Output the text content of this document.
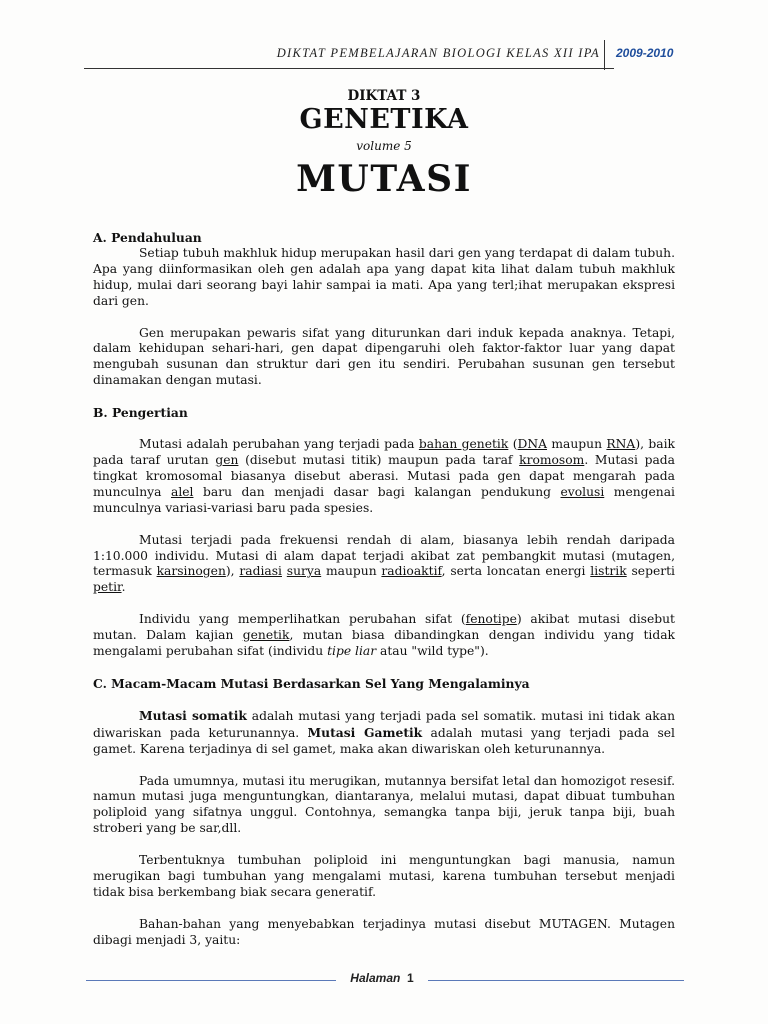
DIKTAT PEMBELAJARAN BIOLOGI KELAS XII IPA 2009-2010
DIKTAT 3
GENETIKA
volume 5
MUTASI
A. Pendahuluan

Setiap tubuh makhluk hidup merupakan hasil dari gen yang terdapat di dalam tubuh. Apa yang diinformasikan oleh gen adalah apa yang dapat kita lihat dalam tubuh makhluk hidup, mulai dari seorang bayi lahir sampai ia mati. Apa yang terl;ihat merupakan ekspresi dari gen.

Gen merupakan pewaris sifat yang diturunkan dari induk kepada anaknya. Tetapi, dalam kehidupan sehari-hari, gen dapat dipengaruhi oleh faktor-faktor luar yang dapat mengubah susunan dan struktur dari gen itu sendiri. Perubahan susunan gen tersebut dinamakan dengan mutasi.

B. Pengertian

Mutasi adalah perubahan yang terjadi pada bahan genetik (DNA maupun RNA), baik pada taraf urutan gen (disebut mutasi titik) maupun pada taraf kromosom. Mutasi pada tingkat kromosomal biasanya disebut aberasi. Mutasi pada gen dapat mengarah pada munculnya alel baru dan menjadi dasar bagi kalangan pendukung evolusi mengenai munculnya variasi-variasi baru pada spesies.

Mutasi terjadi pada frekuensi rendah di alam, biasanya lebih rendah daripada 1:10.000 individu. Mutasi di alam dapat terjadi akibat zat pembangkit mutasi (mutagen, termasuk karsinogen), radiasi surya maupun radioaktif, serta loncatan energi listrik seperti petir.

Individu yang memperlihatkan perubahan sifat (fenotipe) akibat mutasi disebut mutan. Dalam kajian genetik, mutan biasa dibandingkan dengan individu yang tidak mengalami perubahan sifat (individu tipe liar atau "wild type").

C. Macam-Macam Mutasi Berdasarkan Sel Yang Mengalaminya

Mutasi somatik adalah mutasi yang terjadi pada sel somatik. mutasi ini tidak akan diwariskan pada keturunannya. Mutasi Gametik adalah mutasi yang terjadi pada sel gamet. Karena terjadinya di sel gamet, maka akan diwariskan oleh keturunannya.

Pada umumnya, mutasi itu merugikan, mutannya bersifat letal dan homozigot resesif. namun mutasi juga menguntungkan, diantaranya, melalui mutasi, dapat dibuat tumbuhan poliploid yang sifatnya unggul. Contohnya, semangka tanpa biji, jeruk tanpa biji, buah stroberi yang be sar,dll.

Terbentuknya tumbuhan poliploid ini menguntungkan bagi manusia, namun merugikan bagi tumbuhan yang mengalami mutasi, karena tumbuhan tersebut menjadi tidak bisa berkembang biak secara generatif.

Bahan-bahan yang menyebabkan terjadinya mutasi disebut MUTAGEN. Mutagen dibagi menjadi 3, yaitu:

Halaman 1
